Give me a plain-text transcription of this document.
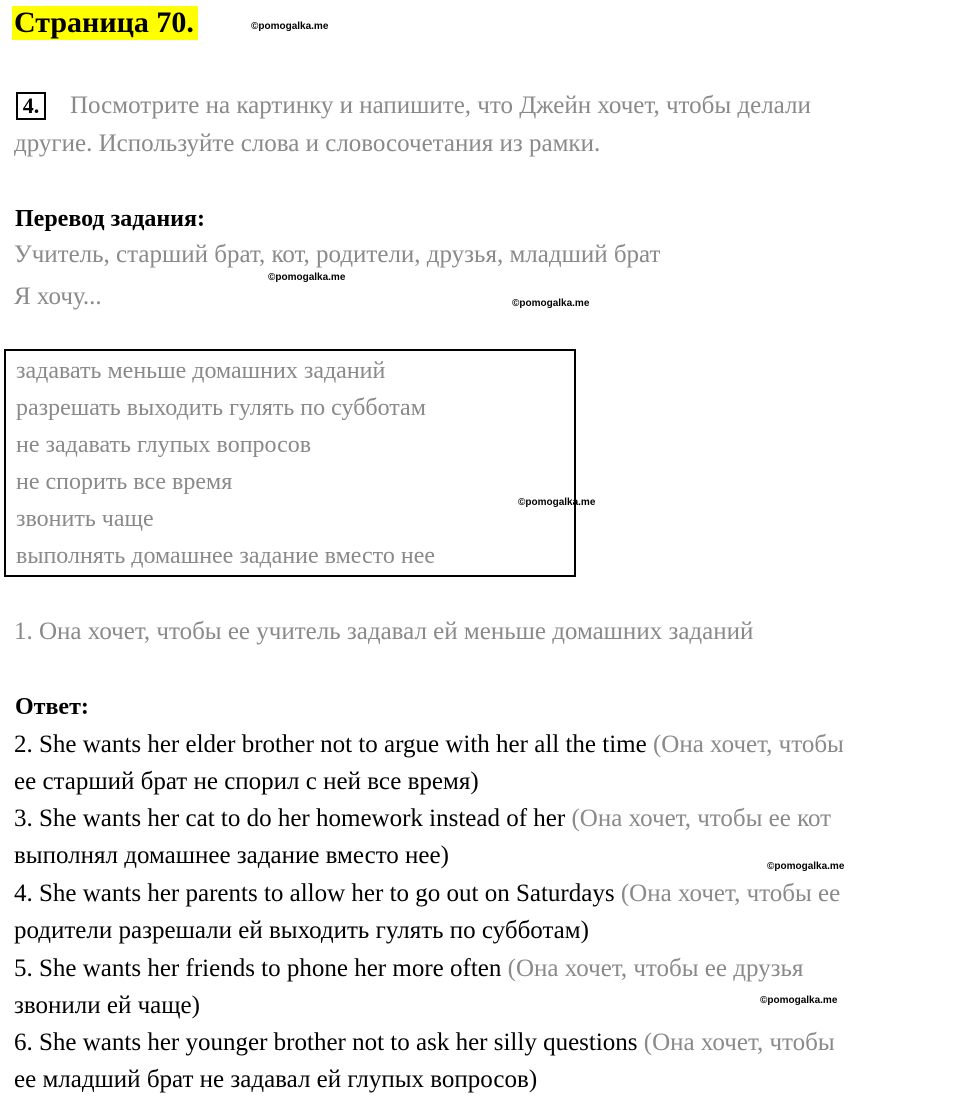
Страница 70.	©pomogalka.me
4. Посмотрите на картинку и напишите, что Джейн хочет, чтобы делали
другие. Используйте слова и словосочетания из рамки.
Перевод задания:
Учитель, старший брат, кот, родители, друзья, младший брат
©pomogalka.me
Я хочу...	©pomogalka.me
задавать меньше домашних заданий
разрешать выходить гулять по субботам
не задавать глупых вопросов
не спорить все время
звонить чаще
выполнять домашнее задание вместо нее
©pomogalka.me
1. Она хочет, чтобы ее учитель задавал ей меньше домашних заданий
Ответ:
2. She wants her elder brother not to argue with her all the time (Она хочет, чтобы
ее старший брат не спорил с ней все время)
3. She wants her cat to do her homework instead of her (Она хочет, чтобы ее кот
выполнял домашнее задание вместо нее)	©pomogalka.me
4. She wants her parents to allow her to go out on Saturdays (Она хочет, чтобы ее
родители разрешали ей выходить гулять по субботам)
5. She wants her friends to phone her more often (Она хочет, чтобы ее друзья
звонили ей чаще)	©pomogalka.me
6. She wants her younger brother not to ask her silly questions (Она хочет, чтобы
ее младший брат не задавал ей глупых вопросов)
